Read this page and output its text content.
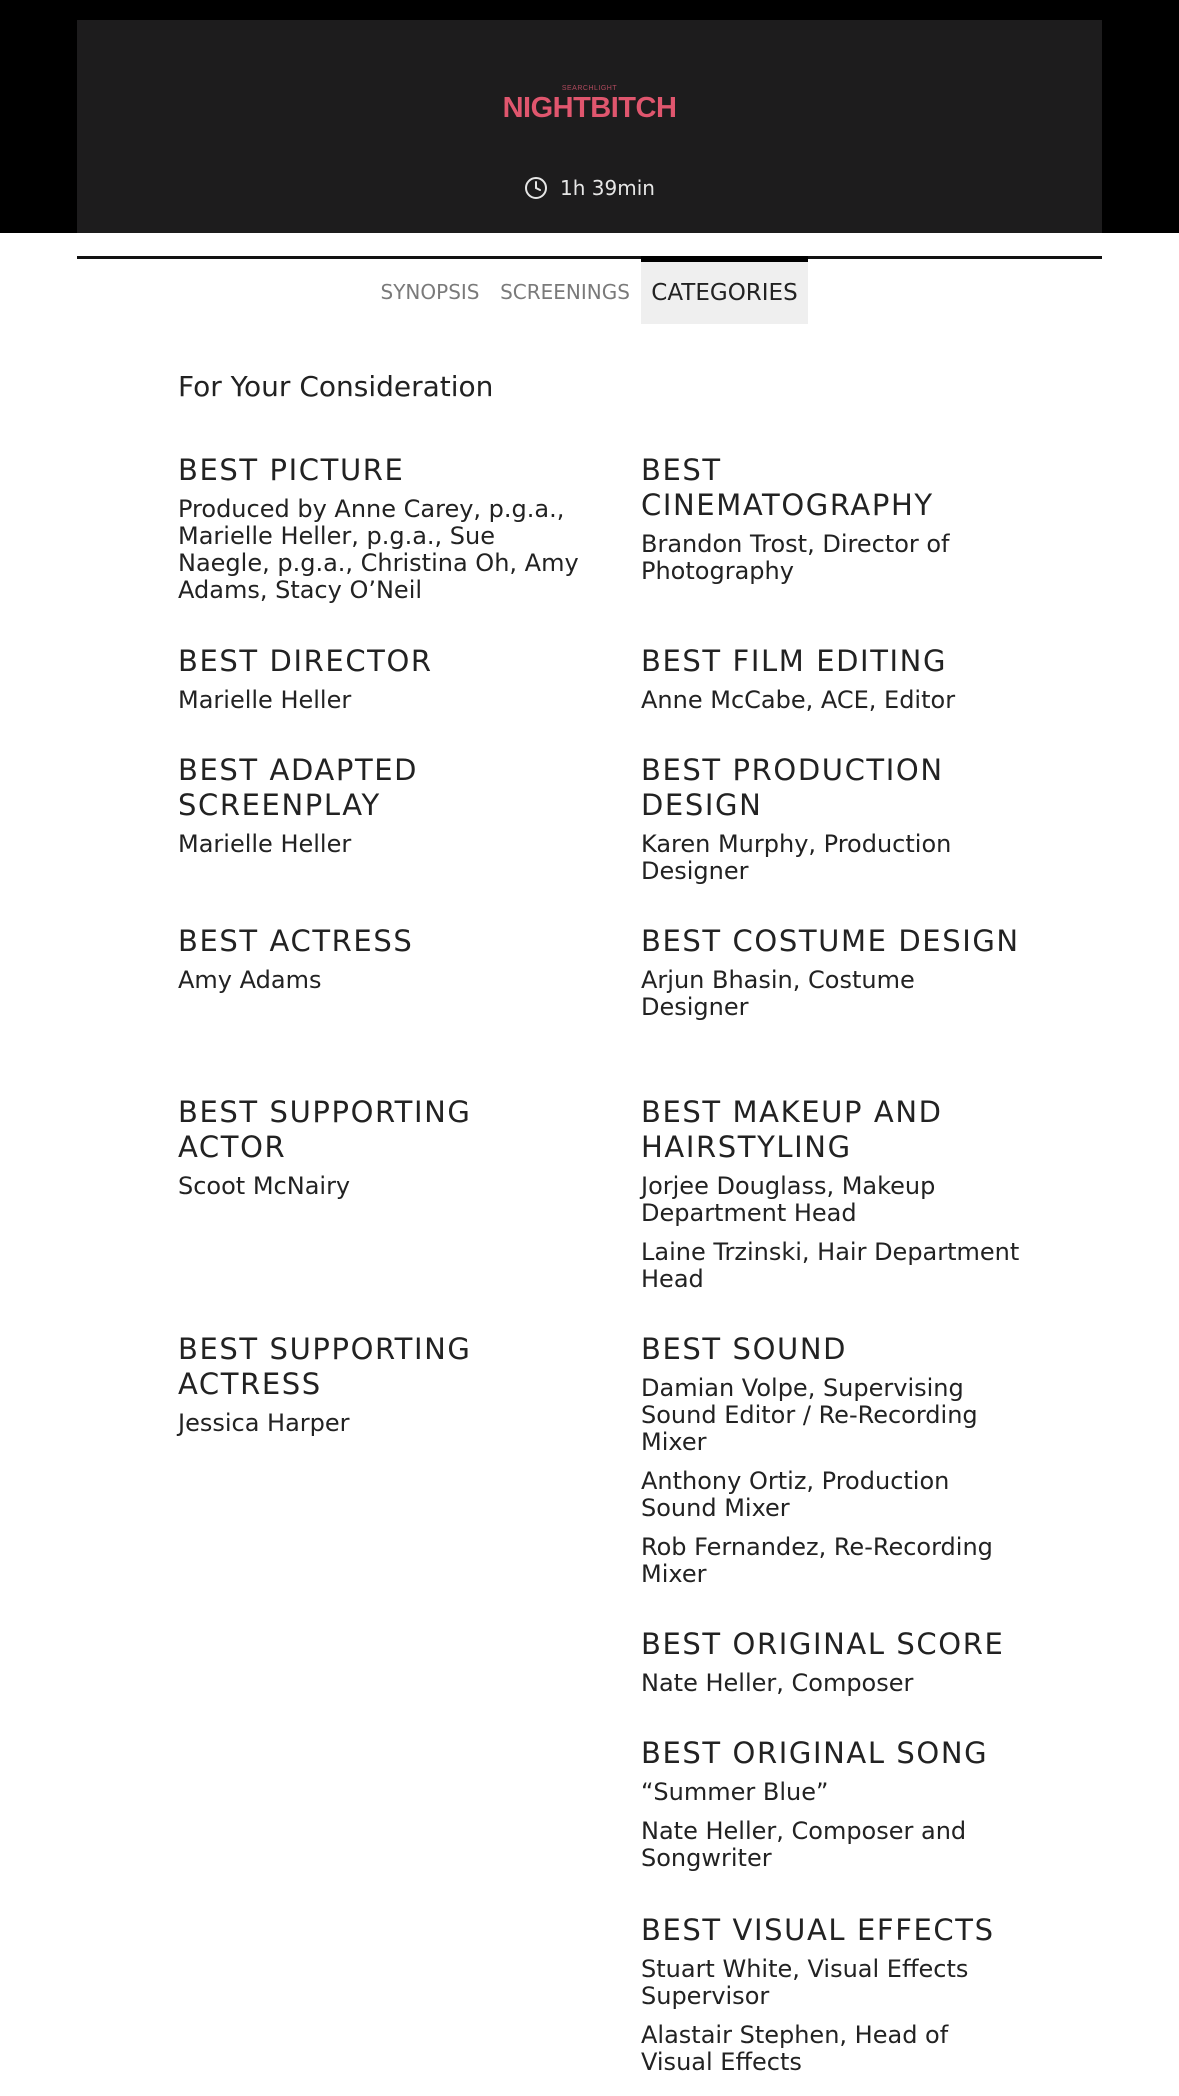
SEARCHLIGHT
NIGHTBITCH
1h 39min
SYNOPSIS	SCREENINGS CATEGORIES
For Your Consideration
BEST PICTURE

Produced by Anne Carey, p.g.a., Marielle Heller, p.g.a., Sue Naegle, p.g.a., Christina Oh, Amy Adams, Stacy O’Neil

BEST DIRECTOR

Marielle Heller

BEST ADAPTED SCREENPLAY

Marielle Heller

BEST ACTRESS

Amy Adams

BEST SUPPORTING ACTOR

Scoot McNairy

BEST SUPPORTING ACTRESS

Jessica Harper

BEST CINEMATOGRAPHY

Brandon Trost, Director of Photography

BEST FILM EDITING

Anne McCabe, ACE, Editor

BEST PRODUCTION DESIGN

Karen Murphy, Production Designer

BEST COSTUME DESIGN

Arjun Bhasin, Costume Designer

BEST MAKEUP AND HAIRSTYLING

Jorjee Douglass, Makeup Department Head

Laine Trzinski, Hair Department Head

BEST SOUND

Damian Volpe, Supervising Sound Editor / Re-Recording Mixer

Anthony Ortiz, Production Sound Mixer

Rob Fernandez, Re-Recording Mixer

BEST ORIGINAL SCORE

Nate Heller, Composer

BEST ORIGINAL SONG

“Summer Blue”

Nate Heller, Composer and Songwriter

BEST VISUAL EFFECTS

Stuart White, Visual Effects Supervisor

Alastair Stephen, Head of Visual Effects
